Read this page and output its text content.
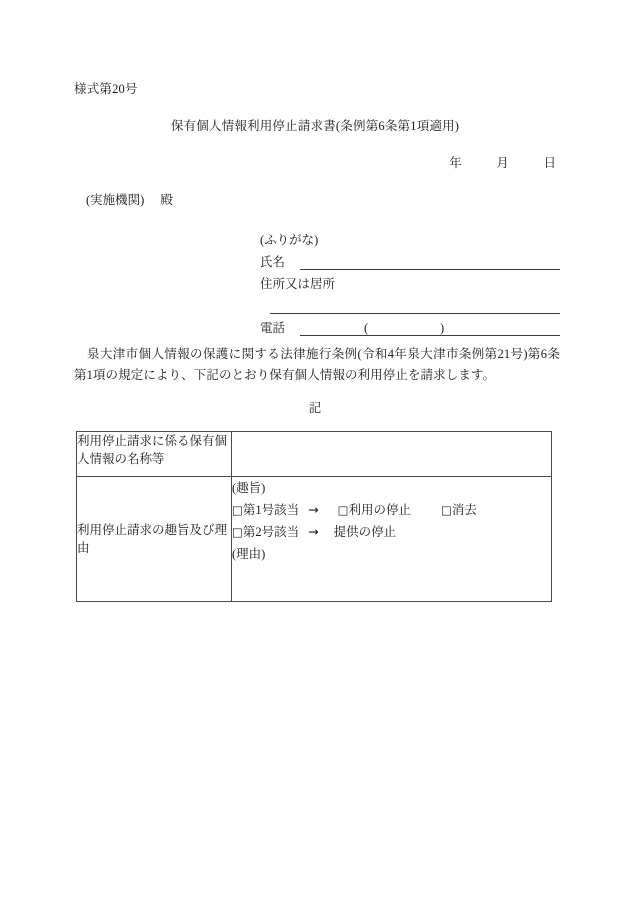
様式第20号
保有個人情報利用停止請求書(条例第6条第1項適用)
年	月	日
(実施機関) 殿
(ふりがな)
氏名
住所又は居所
電話	(	)
泉大津市個人情報の保護に関する法律施行条例(令和4年泉大津市条例第21号)第6条第1項の規定により、下記のとおり保有個人情報の利用停止を請求します。
記
利用停止請求に係る保有個人情報の名称等	
利用停止請求の趣旨及び理由	(趣旨)
□第1号該当 → □利用の停止 □消去
□第2号該当 → 提供の停止
(理由)
